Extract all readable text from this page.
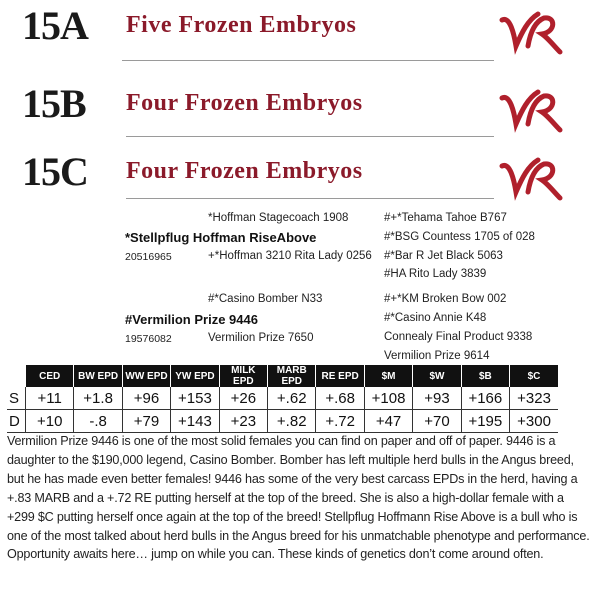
15A Five Frozen Embryos
15B Four Frozen Embryos
15C Four Frozen Embryos
*Hoffman Stagecoach 1908
*Stellpflug Hoffman RiseAbove
20516965	+*Hoffman 3210 Rita Lady 0256
#+*Tehama Tahoe B767
#*BSG Countess 1705 of 028
#*Bar R Jet Black 5063
#HA Rito Lady 3839
#*Casino Bomber N33
#Vermilion Prize 9446
19576082	Vermilion Prize 7650
#+*KM Broken Bow 002
#*Casino Annie K48
Connealy Final Product 9338
Vermilion Prize 9614
	CED	BW EPD	WW EPD	YW EPD	MILK EPD	MARB EPD	RE EPD	$M	$W	$B	$C
S	+11	+1.8	+96	+153	+26	+.62	+.68	+108	+93	+166	+323
D	+10	-.8	+79	+143	+23	+.82	+.72	+47	+70	+195	+300
Vermilion Prize 9446 is one of the most solid females you can find on paper and off of paper. 9446 is a daughter to the $190,000 legend, Casino Bomber. Bomber has left multiple herd bulls in the Angus breed, but he has made even better females! 9446 has some of the very best carcass EPDs in the herd, having a +.83 MARB and a +.72 RE putting herself at the top of the breed. She is also a high-dollar female with a +299 $C putting herself once again at the top of the breed! Stellpflug Hoffmann Rise Above is a bull who is one of the most talked about herd bulls in the Angus breed for his unmatchable phenotype and performance. Opportunity awaits here… jump on while you can. These kinds of genetics don’t come around often.
